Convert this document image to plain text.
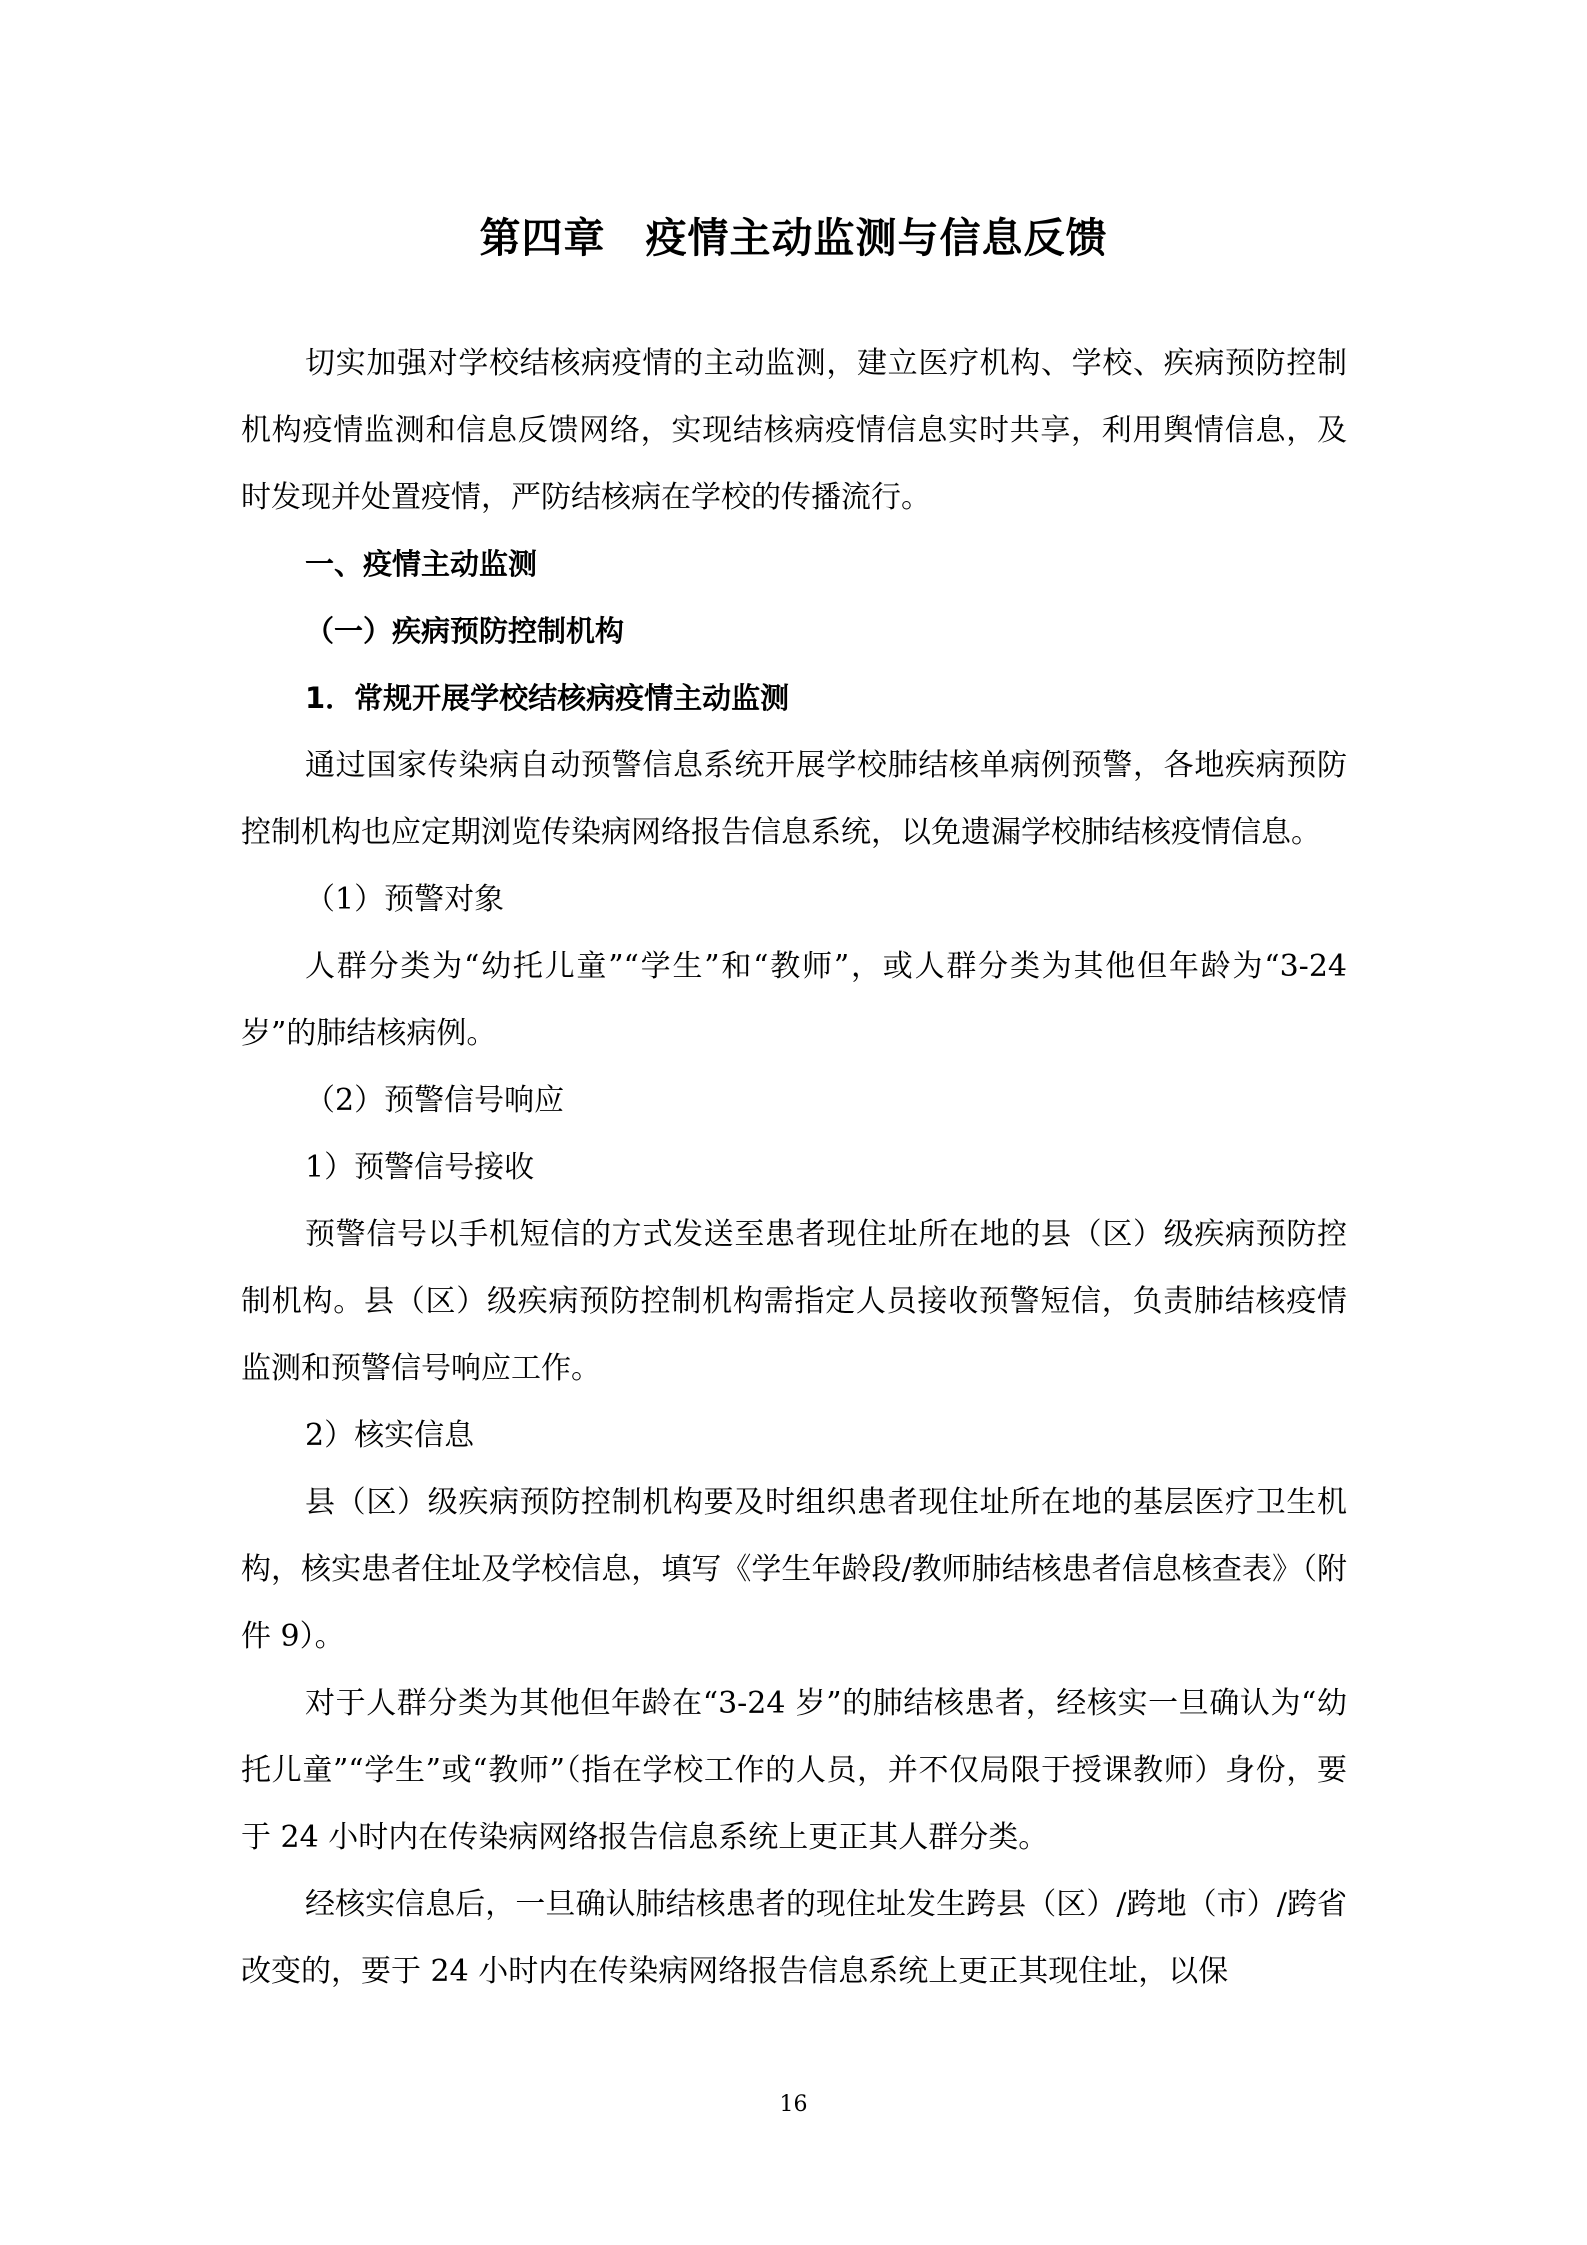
第四章 疫情主动监测与信息反馈

切实加强对学校结核病疫情的主动监测，建立医疗机构、学校、疾病预防控制机构疫情监测和信息反馈网络，实现结核病疫情信息实时共享，利用舆情信息，及时发现并处置疫情，严防结核病在学校的传播流行。

一、疫情主动监测

（一）疾病预防控制机构

1．常规开展学校结核病疫情主动监测

通过国家传染病自动预警信息系统开展学校肺结核单病例预警，各地疾病预防控制机构也应定期浏览传染病网络报告信息系统，以免遗漏学校肺结核疫情信息。

（1）预警对象

人群分类为“幼托儿童”“学生”和“教师”，或人群分类为其他但年龄为“3-24岁”的肺结核病例。

（2）预警信号响应

1）预警信号接收

预警信号以手机短信的方式发送至患者现住址所在地的县（区）级疾病预防控制机构。县（区）级疾病预防控制机构需指定人员接收预警短信，负责肺结核疫情监测和预警信号响应工作。

2）核实信息

县（区）级疾病预防控制机构要及时组织患者现住址所在地的基层医疗卫生机构，核实患者住址及学校信息，填写《学生年龄段/教师肺结核患者信息核查表》（附件 9）。

对于人群分类为其他但年龄在“3-24 岁”的肺结核患者，经核实一旦确认为“幼托儿童”“学生”或“教师”（指在学校工作的人员，并不仅局限于授课教师）身份，要于 24 小时内在传染病网络报告信息系统上更正其人群分类。

经核实信息后，一旦确认肺结核患者的现住址发生跨县（区）/跨地（市）/跨省改变的，要于 24 小时内在传染病网络报告信息系统上更正其现住址，以保

16
